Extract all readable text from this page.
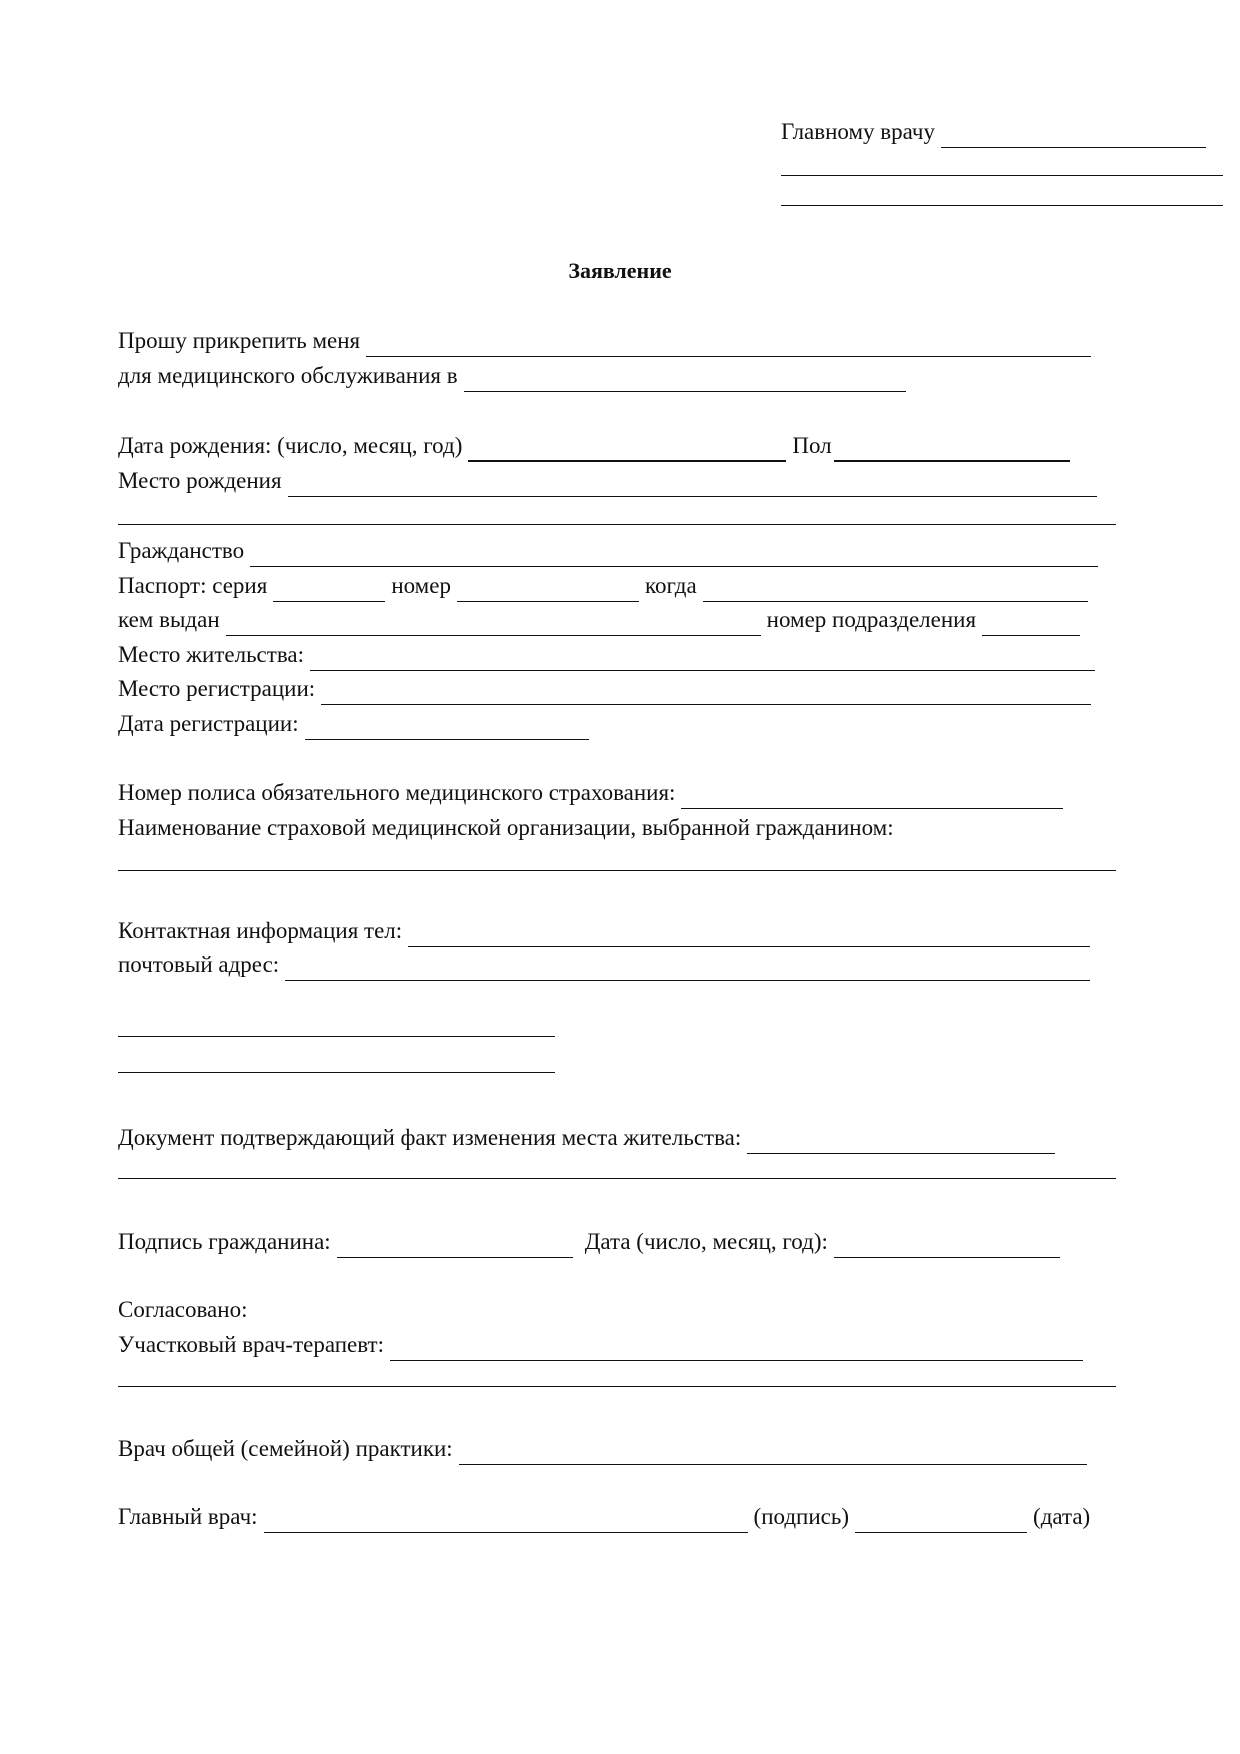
Главному врачу
Заявление
Прошу прикрепить меня
для медицинского обслуживания в
Дата рождения: (число, месяц, год)	Пол
Место рождения
Гражданство
Паспорт: серия	номер	когда
кем выдан	номер подразделения
Место жительства:
Место регистрации:
Дата регистрации:
Номер полиса обязательного медицинского страхования:
Наименование страховой медицинской организации, выбранной гражданином:
Контактная информация тел:
почтовый адрес:
Документ подтверждающий факт изменения места жительства:
Подпись гражданина:	Дата (число, месяц, год):
Согласовано:
Участковый врач-терапевт:
Врач общей (семейной) практики:
Главный врач:	(подпись)	(дата)
